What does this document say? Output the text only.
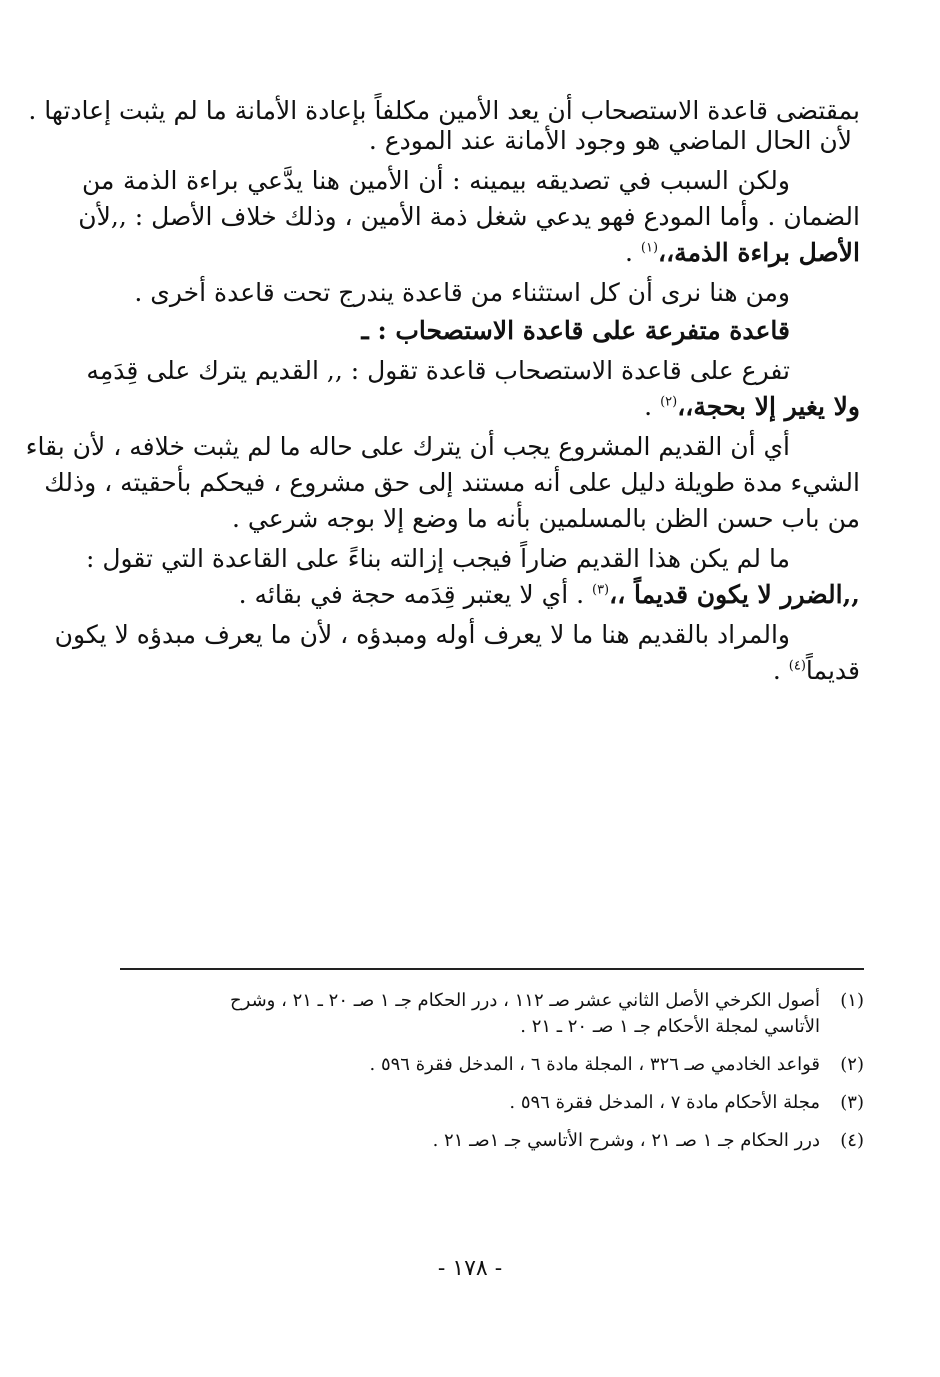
بمقتضى قاعدة الاستصحاب أن يعد الأمين مكلفاً بإعادة الأمانة ما لم يثبت إعادتها .

لأن الحال الماضي هو وجود الأمانة عند المودع .

ولكن السبب في تصديقه بيمينه : أن الأمين هنا يدَّعي براءة الذمة من

الضمان . وأما المودع فهو يدعي شغل ذمة الأمين ، وذلك خلاف الأصل : ,,لأن

الأصل براءة الذمة،،$^{(١)}$ .

ومن هنا نرى أن كل استثناء من قاعدة يندرج تحت قاعدة أخرى .

قاعدة متفرعة على قاعدة الاستصحاب : ـ

تفرع على قاعدة الاستصحاب قاعدة تقول : ,, القديم يترك على قِدَمِه

ولا يغير إلا بحجة،،$^{(٢)}$ .

أي أن القديم المشروع يجب أن يترك على حاله ما لم يثبت خلافه ، لأن بقاء

الشيء مدة طويلة دليل على أنه مستند إلى حق مشروع ، فيحكم بأحقيته ، وذلك

من باب حسن الظن بالمسلمين بأنه ما وضع إلا بوجه شرعي .

ما لم يكن هذا القديم ضاراً فيجب إزالته بناءً على القاعدة التي تقول :

,,الضرر لا يكون قديماً ،،$^{(٣)}$ . أي لا يعتبر قِدَمه حجة في بقائه .

والمراد بالقديم هنا ما لا يعرف أوله ومبدؤه ، لأن ما يعرف مبدؤه لا يكون

قديماً$^{(٤)}$ .

(١)
أصول الكرخي الأصل الثاني عشر صـ ١١٢ ، درر الحكام جـ ١ صـ ٢٠ ـ ٢١ ، وشرح
الأتاسي لمجلة الأحكام جـ ١ صـ ٢٠ ـ ٢١ .
(٢)
قواعد الخادمي صـ ٣٢٦ ، المجلة مادة ٦ ، المدخل فقرة ٥٩٦ .
(٣)
مجلة الأحكام مادة ٧ ، المدخل فقرة ٥٩٦ .
(٤)
درر الحكام جـ ١ صـ ٢١ ، وشرح الأتاسي جـ ١صـ ٢١ .
- ١٧٨ -
